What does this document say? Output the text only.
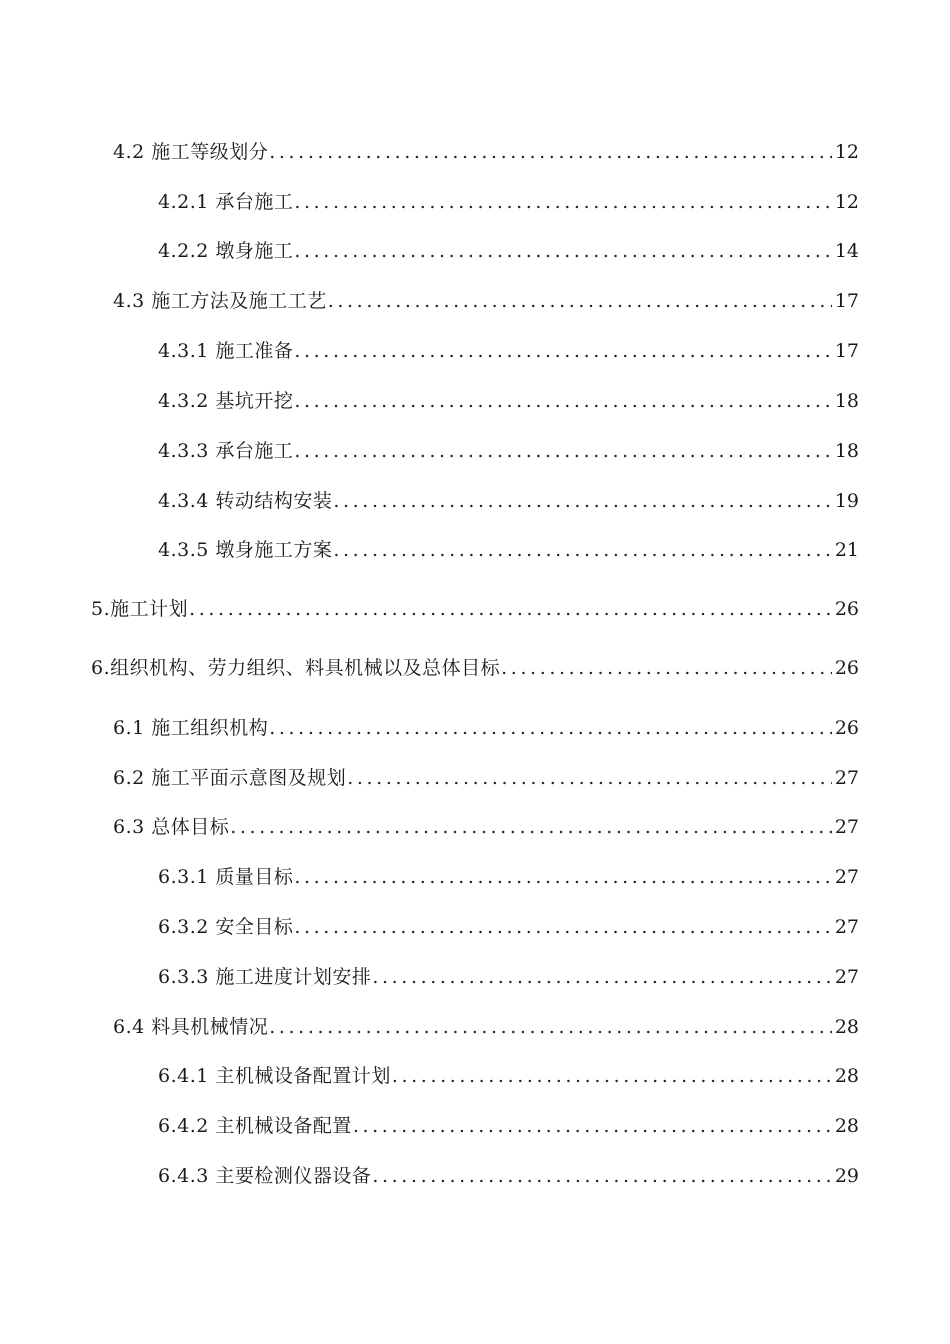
4.2 施工等级划分 .....	12
4.2.1 承台施工 .....	12
4.2.2 墩身施工 .....	14
4.3 施工方法及施工工艺 .....	17
4.3.1 施工准备 .....	17
4.3.2 基坑开挖 .....	18
4.3.3 承台施工 .....	18
4.3.4 转动结构安装 .....	19
4.3.5 墩身施工方案 .....	21
5.施工计划 .....	26
6.组织机构、劳力组织、料具机械以及总体目标 .....	26
6.1 施工组织机构 .....	26
6.2 施工平面示意图及规划 .....	27
6.3 总体目标 .....	27
6.3.1 质量目标 .....	27
6.3.2 安全目标 .....	27
6.3.3 施工进度计划安排 .....	27
6.4 料具机械情况 .....	28
6.4.1 主机械设备配置计划 .....	28
6.4.2 主机械设备配置 .....	28
6.4.3 主要检测仪器设备 .....	29
